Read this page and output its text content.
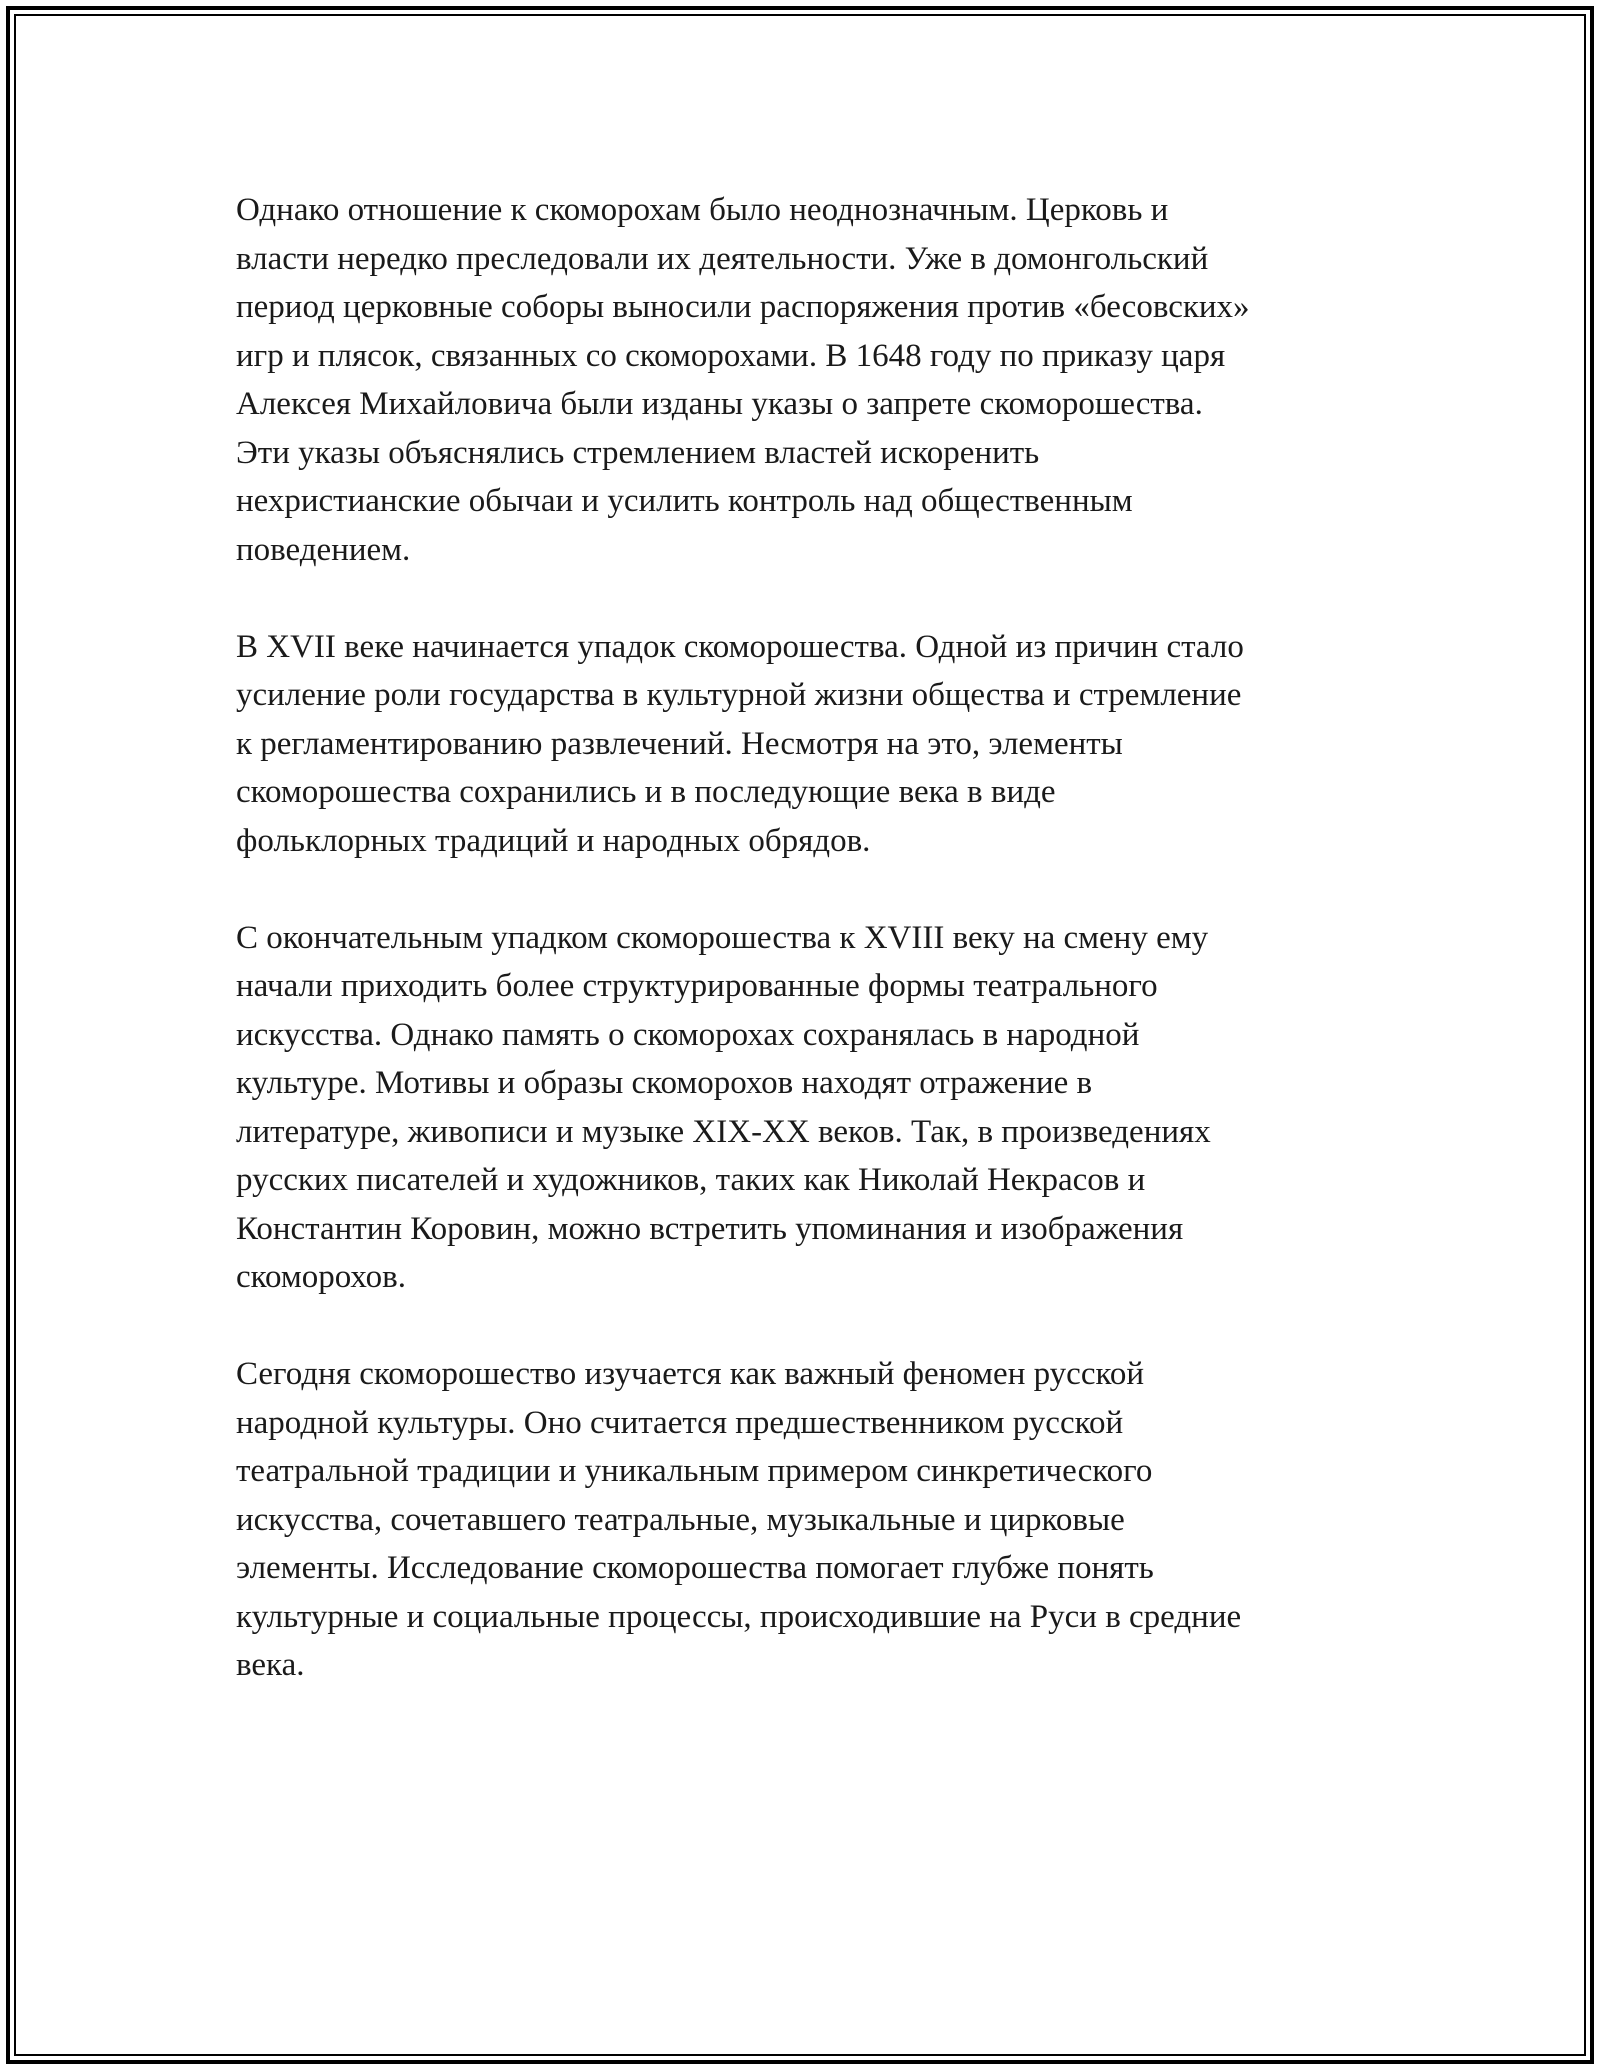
Однако отношение к скоморохам было неоднозначным. Церковь и
власти нередко преследовали их деятельности. Уже в домонгольский
период церковные соборы выносили распоряжения против «бесовских»
игр и плясок, связанных со скоморохами. В 1648 году по приказу царя
Алексея Михайловича были изданы указы о запрете скоморошества.
Эти указы объяснялись стремлением властей искоренить
нехристианские обычаи и усилить контроль над общественным
поведением.

В XVII веке начинается упадок скоморошества. Одной из причин стало
усиление роли государства в культурной жизни общества и стремление
к регламентированию развлечений. Несмотря на это, элементы
скоморошества сохранились и в последующие века в виде
фольклорных традиций и народных обрядов.

С окончательным упадком скоморошества к XVIII веку на смену ему
начали приходить более структурированные формы театрального
искусства. Однако память о скоморохах сохранялась в народной
культуре. Мотивы и образы скоморохов находят отражение в
литературе, живописи и музыке XIX-XX веков. Так, в произведениях
русских писателей и художников, таких как Николай Некрасов и
Константин Коровин, можно встретить упоминания и изображения
скоморохов.

Сегодня скоморошество изучается как важный феномен русской
народной культуры. Оно считается предшественником русской
театральной традиции и уникальным примером синкретического
искусства, сочетавшего театральные, музыкальные и цирковые
элементы. Исследование скоморошества помогает глубже понять
культурные и социальные процессы, происходившие на Руси в средние
века.
